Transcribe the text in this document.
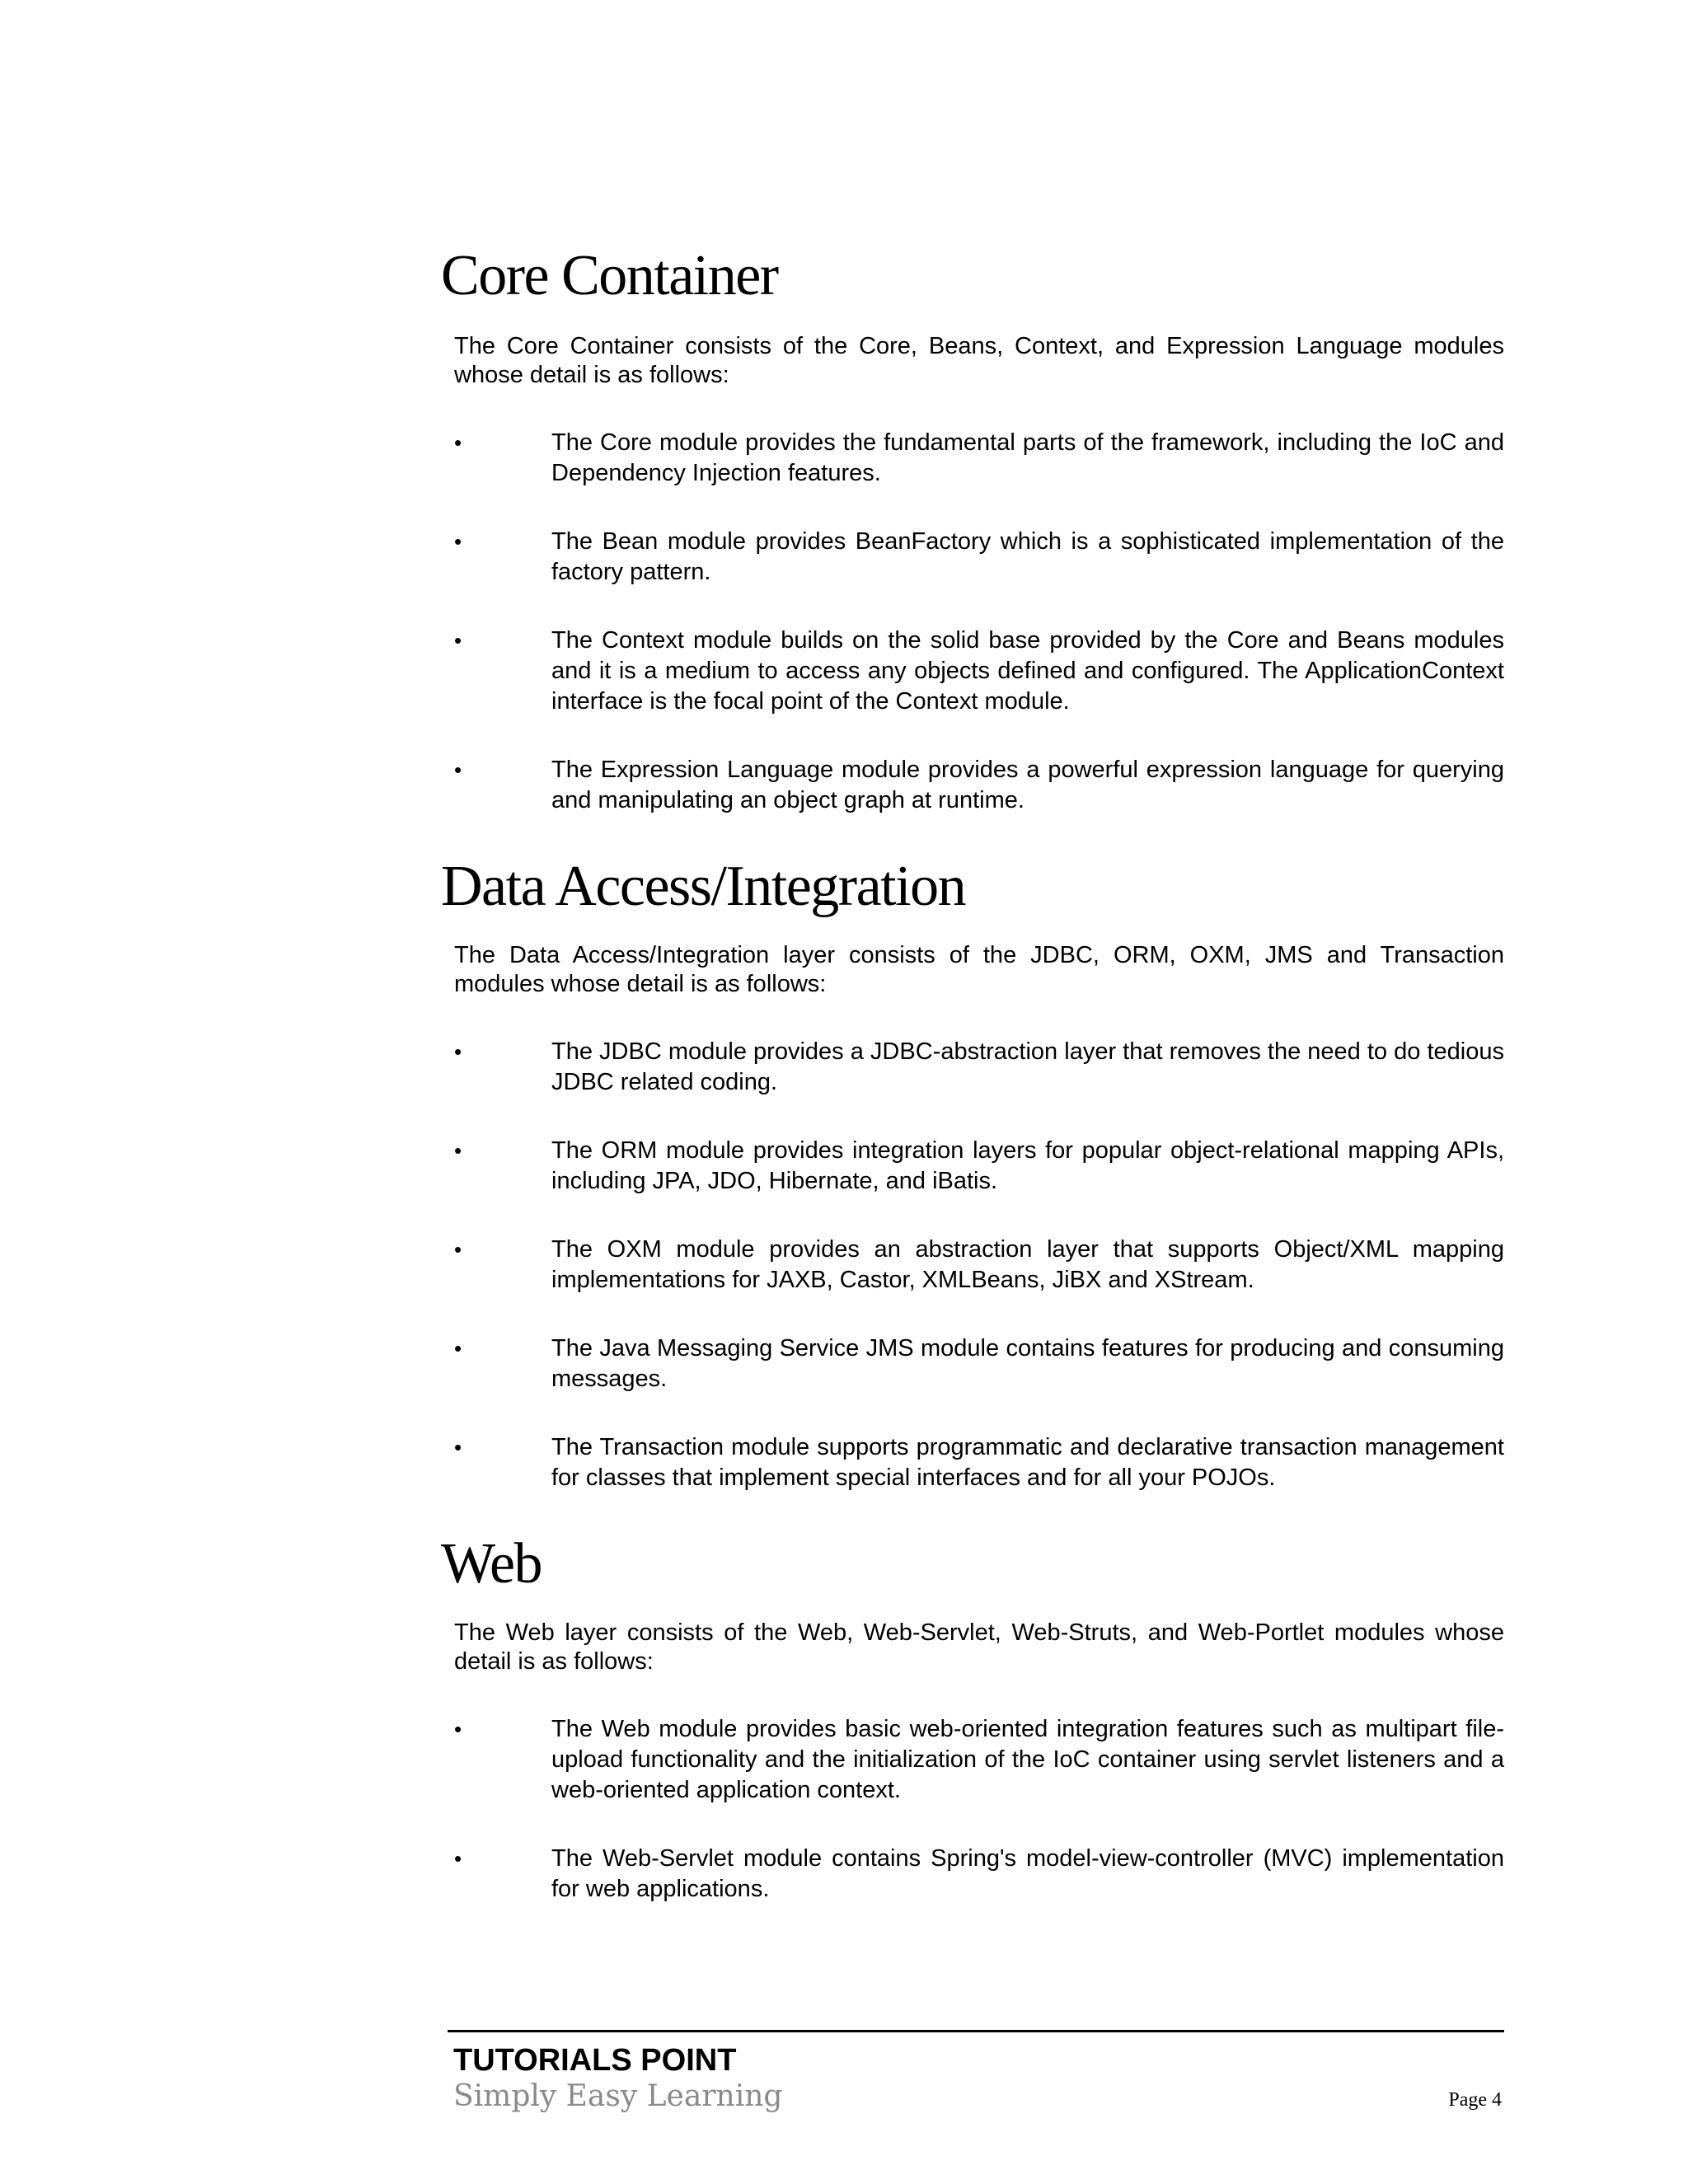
Core Container

The Core Container consists of the Core, Beans, Context, and Expression Language modules whose detail is as follows:

•	The Core module provides the fundamental parts of the framework, including the IoC and Dependency Injection features.
•	The Bean module provides BeanFactory which is a sophisticated implementation of the factory pattern.
•	The Context module builds on the solid base provided by the Core and Beans modules and it is a medium to access any objects defined and configured. The ApplicationContext interface is the focal point of the Context module.
•	The Expression Language module provides a powerful expression language for querying and manipulating an object graph at runtime.
Data Access/Integration

The Data Access/Integration layer consists of the JDBC, ORM, OXM, JMS and Transaction modules whose detail is as follows:

•	The JDBC module provides a JDBC-abstraction layer that removes the need to do tedious JDBC related coding.
•	The ORM module provides integration layers for popular object-relational mapping APIs, including JPA, JDO, Hibernate, and iBatis.
•	The OXM module provides an abstraction layer that supports Object/XML mapping implementations for JAXB, Castor, XMLBeans, JiBX and XStream.
•	The Java Messaging Service JMS module contains features for producing and consuming messages.
•	The Transaction module supports programmatic and declarative transaction management for classes that implement special interfaces and for all your POJOs.
Web

The Web layer consists of the Web, Web-Servlet, Web-Struts, and Web-Portlet modules whose detail is as follows:

•	The Web module provides basic web-oriented integration features such as multipart file-upload functionality and the initialization of the IoC container using servlet listeners and a web-oriented application context.
•	The Web-Servlet module contains Spring's model-view-controller (MVC) implementation for web applications.
TUTORIALS POINT
Simply Easy Learning	Page 4
